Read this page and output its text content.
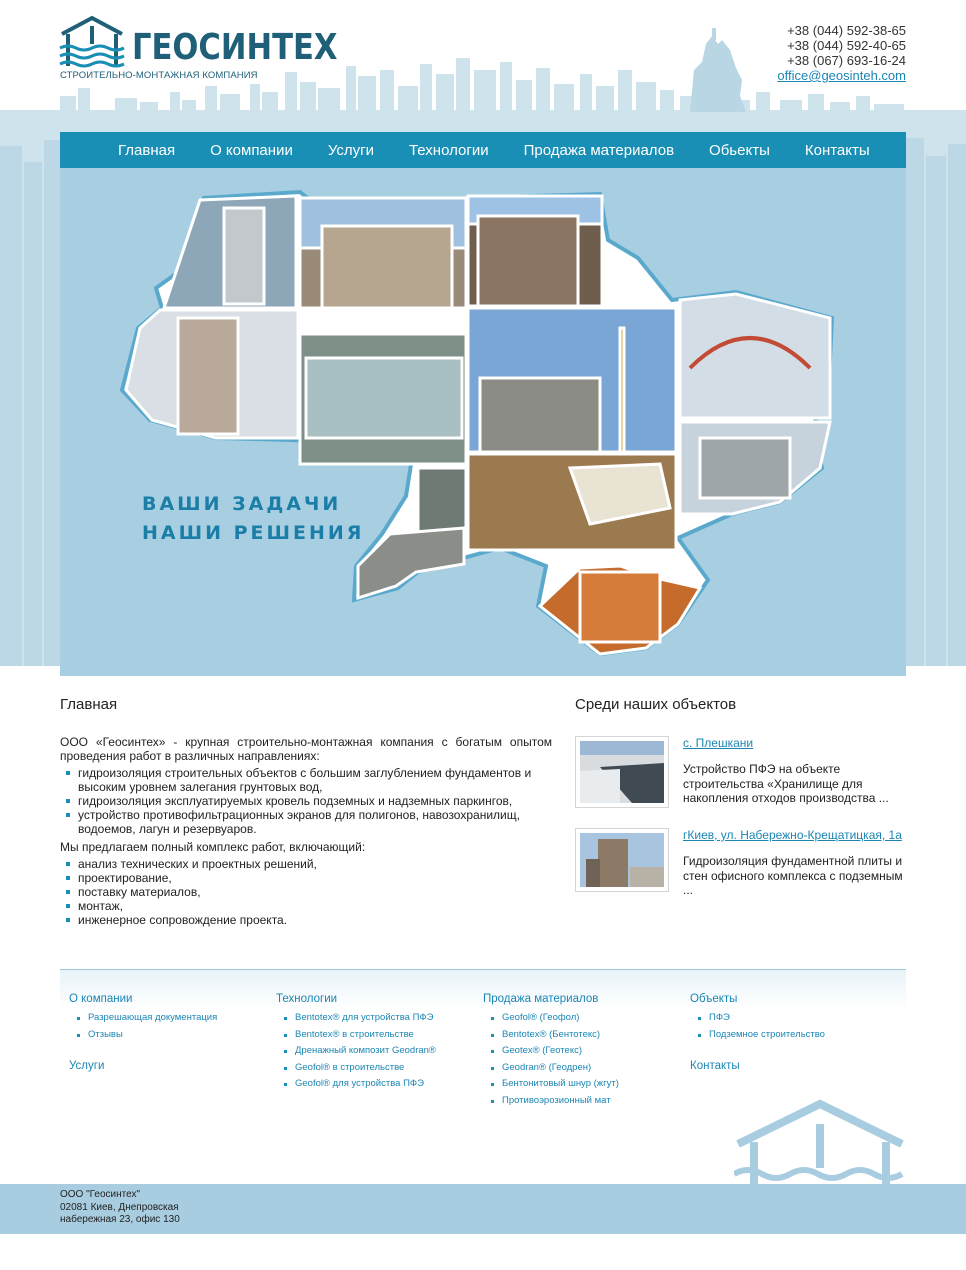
ГЕОСИНТЕХ
СТРОИТЕЛЬНО-МОНТАЖНАЯ КОМПАНИЯ
+38 (044) 592-38-65
+38 (044) 592-40-65
+38 (067) 693-16-24
office@geosinteh.com
Главная О компании Услуги Технологии Продажа материалов Обьекты Контакты
ВАШИ ЗАДАЧИ
НАШИ РЕШЕНИЯ
Главная

ООО «Геосинтех» - крупная строительно-монтажная компания с богатым опытом проведения работ в различных направлениях:

гидроизоляция строительных объектов с большим заглублением фундаментов и высоким уровнем залегания грунтовых вод,
гидроизоляция эксплуатируемых кровель подземных и надземных паркингов,
устройство противофильтрационных экранов для полигонов, навозохранилищ, водоемов, лагун и резервуаров.

Мы предлагаем полный комплекс работ, включающий:

анализ технических и проектных решений,
проектирование,
поставку материалов,
монтаж,
инженерное сопровождение проекта.
Среди наших объектов
с. Плешкани
Устройство ПФЭ на объекте строительства «Хранилище для накопления отходов производства ...
гКиев, ул. Набережно-Крещатицкая, 1а
Гидроизоляция фундаментной плиты и стен офисного комплекса с подземным ...
О компании
Разрешающая документация
Отзывы
Услуги
Технологии
Bentotex® для устройства ПФЭ
Bentotex® в строительстве
Дренажный композит Geodran®
Geofol® в строительстве
Geofol® для устройства ПФЭ
Продажа материалов
Geofol® (Геофол)
Bentotex® (Бентотекс)
Geotex® (Геотекс)
Geodran® (Геодрен)
Бентонитовый шнур (жгут)
Противоэрозионный мат
Объекты
ПФЭ
Подземное строительство
Контакты
ООО "Геосинтех"
02081 Киев, Днепровская
набережная 23, офис 130
